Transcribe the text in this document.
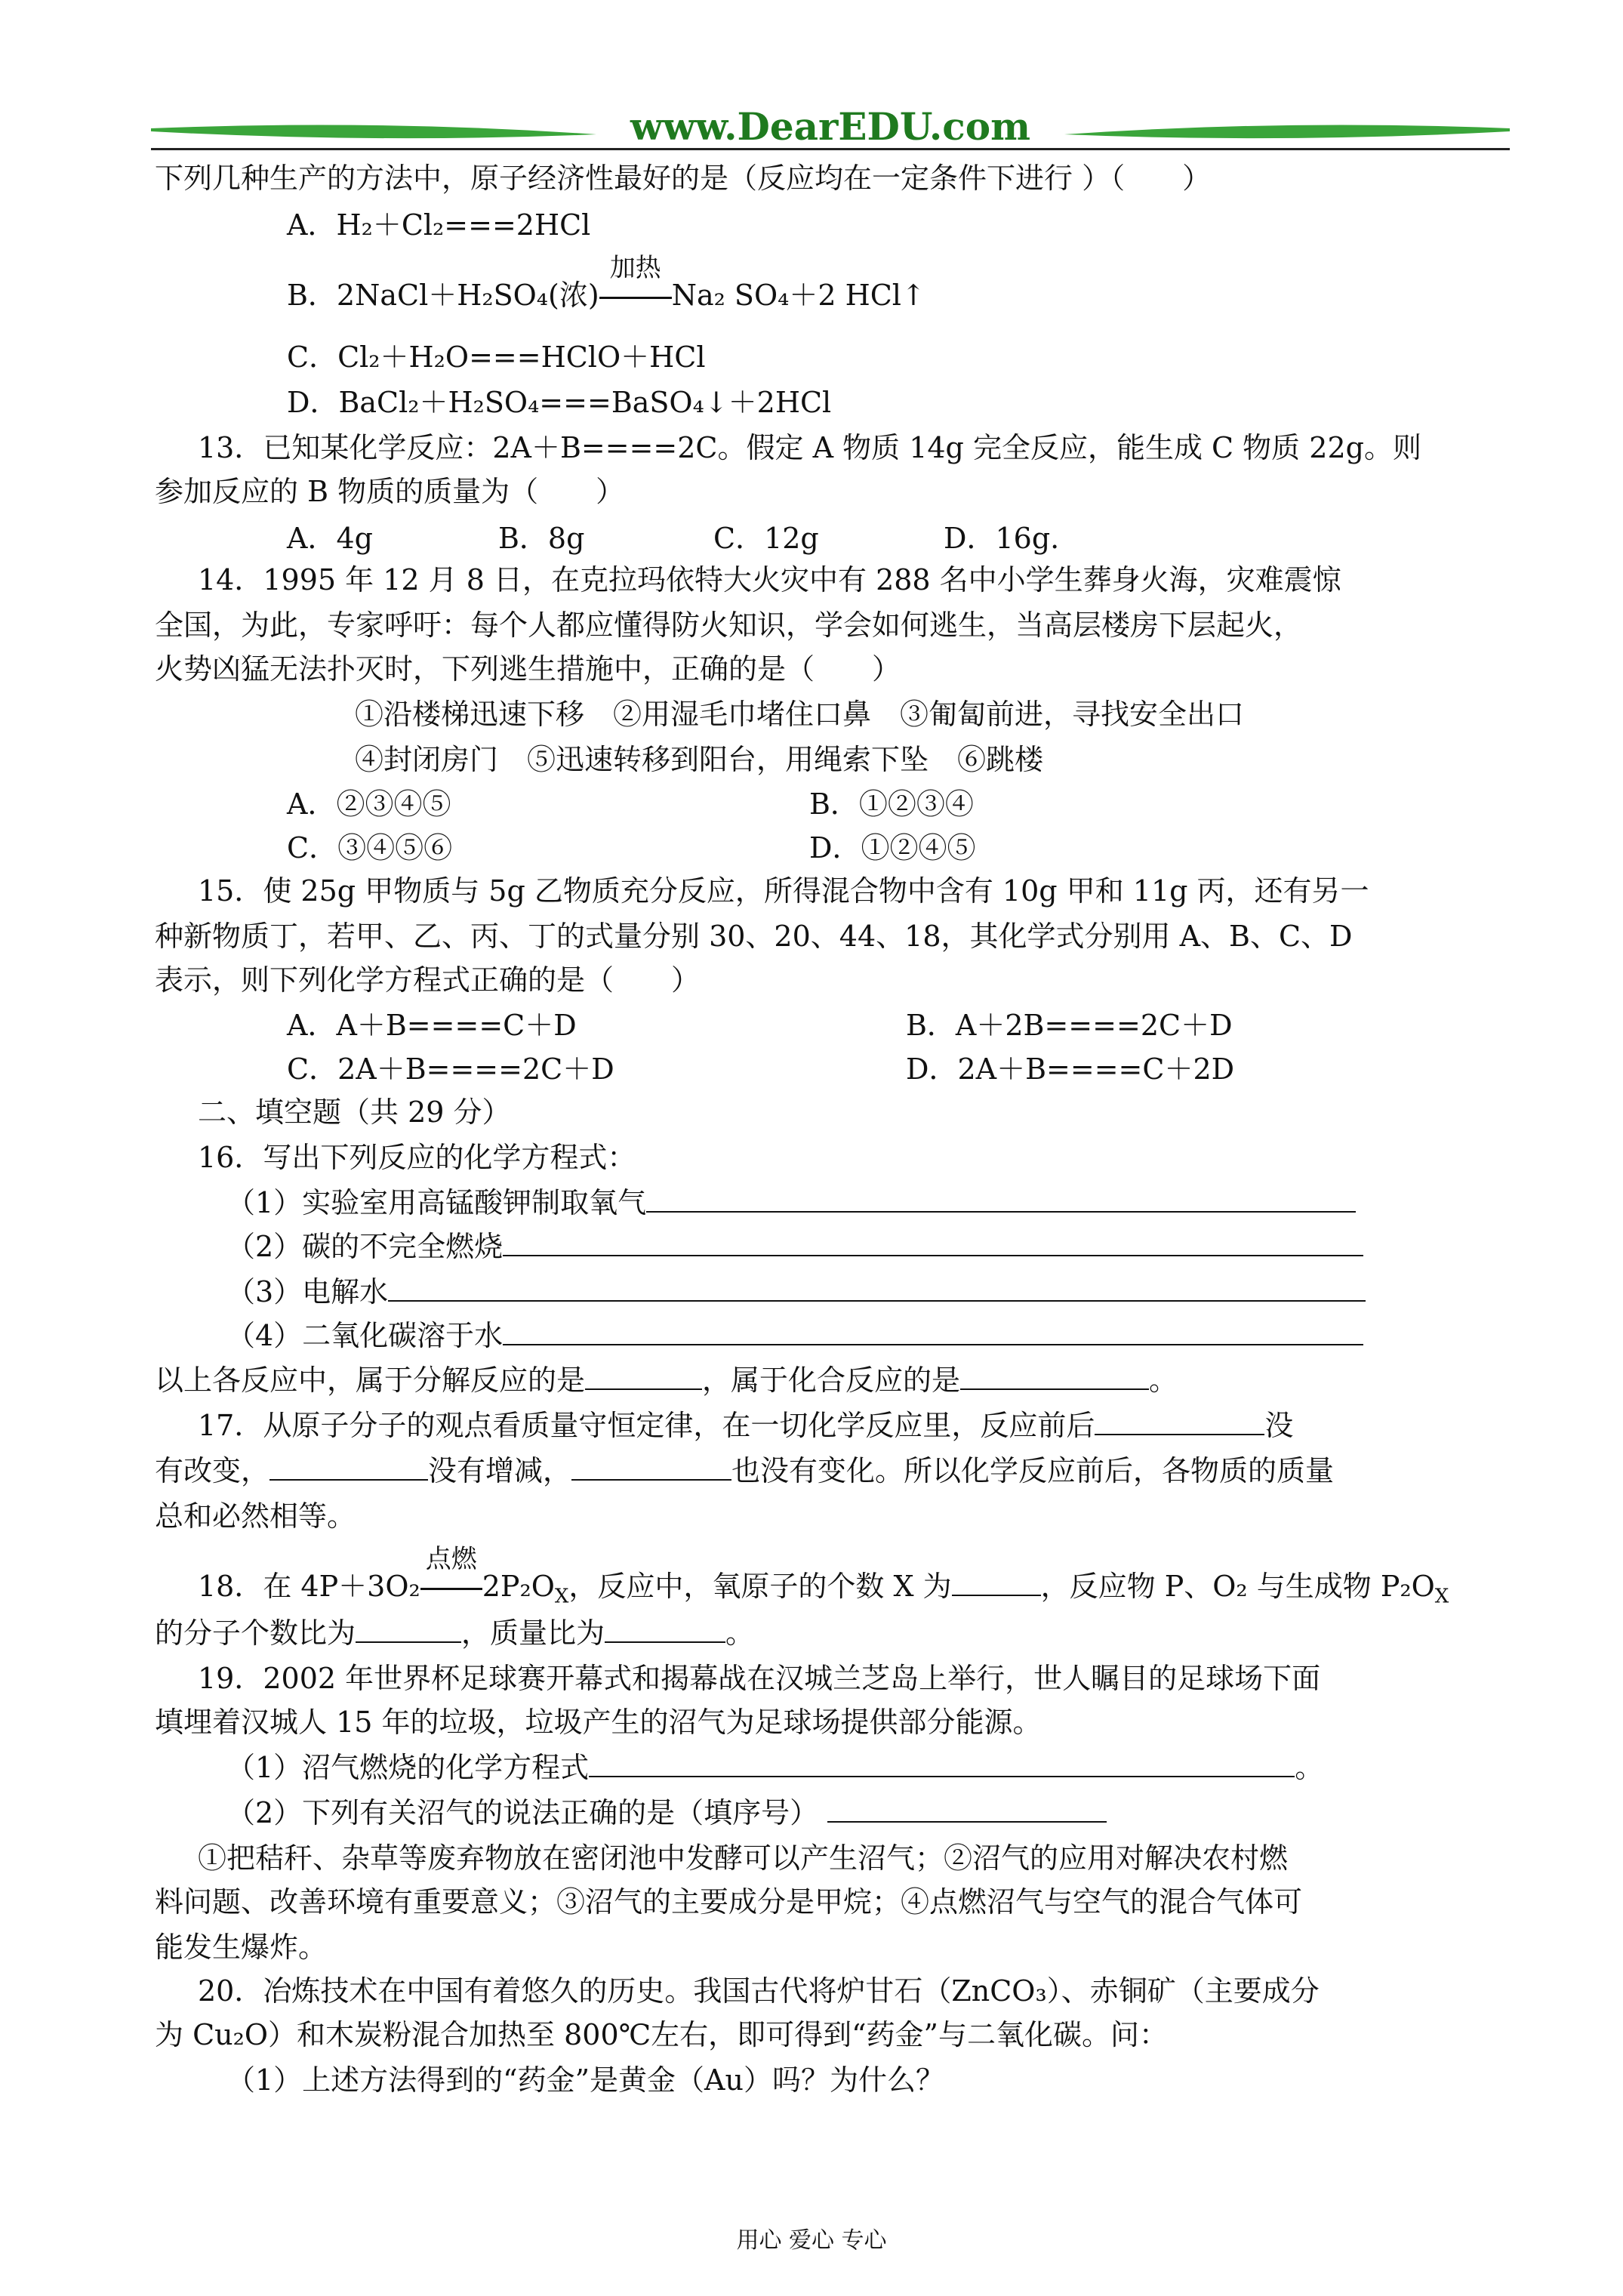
www.DearEDU.com
下列几种生产的方法中，原子经济性最好的是（反应均在一定条件下进行 ）（　　）
A．H₂＋Cl₂===2HCl
B．2NaCl＋H₂SO₄(浓)
加热
Na₂ SO₄＋2 HCl↑
C．Cl₂＋H₂O===HClO＋HCl
D．BaCl₂＋H₂SO₄===BaSO₄↓＋2HCl
13．已知某化学反应：2A＋B====2C。假定 A 物质 14g 完全反应，能生成 C 物质 22g。则
参加反应的 B 物质的质量为（　　）
A．4g	B．8g	C．12g	D．16g.
14．1995 年 12 月 8 日，在克拉玛依特大火灾中有 288 名中小学生葬身火海，灾难震惊
全国，为此，专家呼吁：每个人都应懂得防火知识，学会如何逃生，当高层楼房下层起火，
火势凶猛无法扑灭时，下列逃生措施中，正确的是（　　）
①沿楼梯迅速下移　②用湿毛巾堵住口鼻　③匍匐前进，寻找安全出口
④封闭房门　⑤迅速转移到阳台，用绳索下坠　⑥跳楼
A．②③④⑤	B．①②③④
C．③④⑤⑥	D．①②④⑤
15．使 25g 甲物质与 5g 乙物质充分反应，所得混合物中含有 10g 甲和 11g 丙，还有另一
种新物质丁，若甲、乙、丙、丁的式量分别 30、20、44、18，其化学式分别用 A、B、C、D
表示，则下列化学方程式正确的是（　　）
A．A＋B====C＋D	B．A＋2B====2C＋D
C．2A＋B====2C＋D	D．2A＋B====C＋2D
二、填空题（共 29 分）
16．写出下列反应的化学方程式：
（1）实验室用高锰酸钾制取氧气
（2）碳的不完全燃烧
（3）电解水
（4）二氧化碳溶于水
以上各反应中，属于分解反应的是	，属于化合反应的是	。
17．从原子分子的观点看质量守恒定律，在一切化学反应里，反应前后	没
有改变，	没有增减，	也没有变化。所以化学反应前后，各物质的质量
总和必然相等。
18．在 4P＋3O₂
点燃
$2P_2O_X$，反应中，氧原子的个数 X 为	，反应物 P、O₂ 与生成物 $P_2O_X$
的分子个数比为	，质量比为	。
19．2002 年世界杯足球赛开幕式和揭幕战在汉城兰芝岛上举行，世人瞩目的足球场下面
填埋着汉城人 15 年的垃圾，垃圾产生的沼气为足球场提供部分能源。
（1）沼气燃烧的化学方程式	。
（2）下列有关沼气的说法正确的是（填序号）
①把秸秆、杂草等废弃物放在密闭池中发酵可以产生沼气；②沼气的应用对解决农村燃
料问题、改善环境有重要意义；③沼气的主要成分是甲烷；④点燃沼气与空气的混合气体可
能发生爆炸。
20．冶炼技术在中国有着悠久的历史。我国古代将炉甘石（ZnCO₃）、赤铜矿（主要成分
为 Cu₂O）和木炭粉混合加热至 800℃左右，即可得到“药金”与二氧化碳。问：
（1）上述方法得到的“药金”是黄金（Au）吗？为什么？
用心 爱心 专心
